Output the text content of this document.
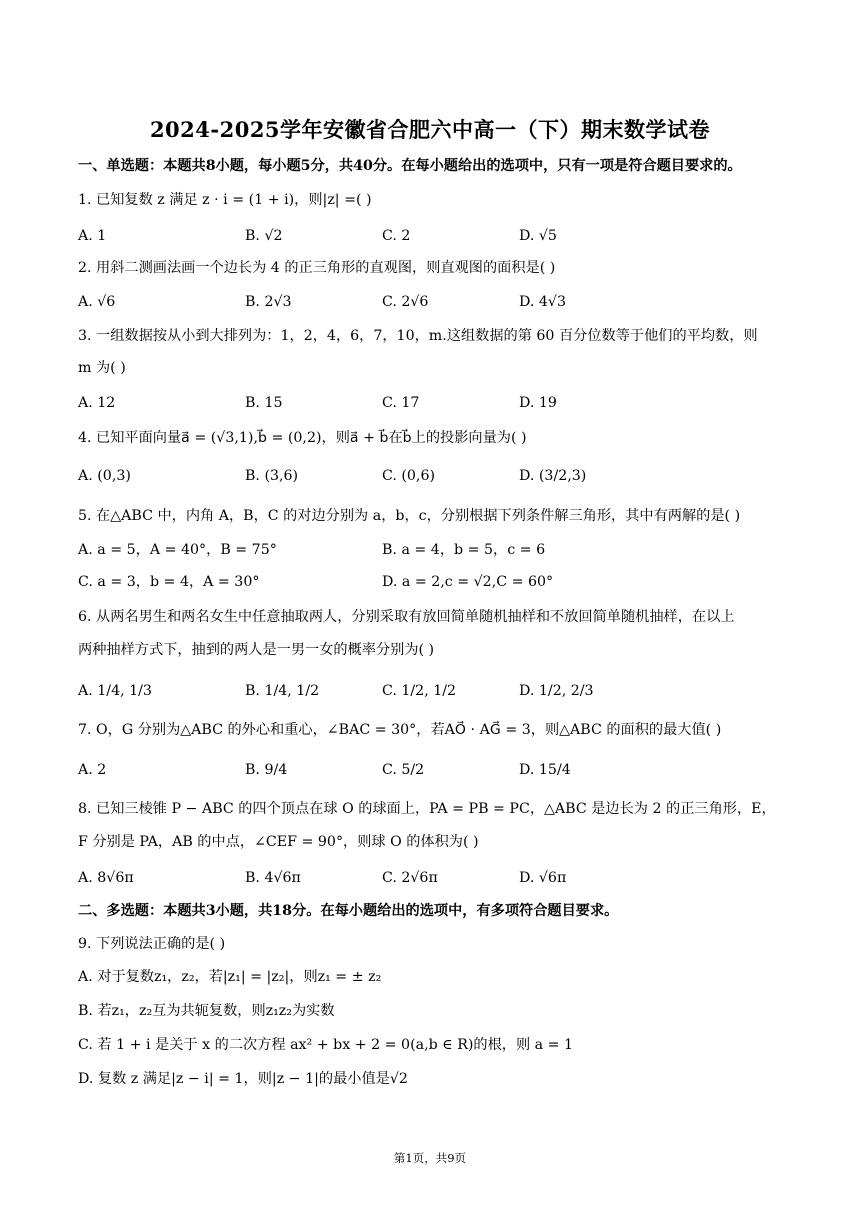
2024-2025学年安徽省合肥六中高一（下）期末数学试卷
一、单选题：本题共8小题，每小题5分，共40分。在每小题给出的选项中，只有一项是符合题目要求的。
1. 已知复数 z 满足 z · i = (1 + i)，则|z| =( )
A. 1	B. √2	C. 2	D. √5
2. 用斜二测画法画一个边长为 4 的正三角形的直观图，则直观图的面积是( )
A. √6	B. 2√3	C. 2√6	D. 4√3
3. 一组数据按从小到大排列为：1，2，4，6，7，10，m.这组数据的第 60 百分位数等于他们的平均数，则
m 为( )
A. 12	B. 15	C. 17	D. 19
4. 已知平面向量a⃗ = (√3,1),b⃗ = (0,2)，则a⃗ + b⃗在b⃗上的投影向量为( )
A. (0,3)	B. (3,6)	C. (0,6)	D. (3/2,3)
5. 在△ABC 中，内角 A，B，C 的对边分别为 a，b，c，分别根据下列条件解三角形，其中有两解的是( )
A. a = 5，A = 40°，B = 75°	B. a = 4，b = 5，c = 6
C. a = 3，b = 4，A = 30°	D. a = 2,c = √2,C = 60°
6. 从两名男生和两名女生中任意抽取两人，分别采取有放回简单随机抽样和不放回简单随机抽样，在以上
两种抽样方式下，抽到的两人是一男一女的概率分别为( )
A. 1/4, 1/3	B. 1/4, 1/2	C. 1/2, 1/2	D. 1/2, 2/3
7. O，G 分别为△ABC 的外心和重心，∠BAC = 30°，若AO⃗ · AG⃗ = 3，则△ABC 的面积的最大值( )
A. 2	B. 9/4	C. 5/2	D. 15/4
8. 已知三棱锥 P − ABC 的四个顶点在球 O 的球面上，PA = PB = PC，△ABC 是边长为 2 的正三角形，E，
F 分别是 PA，AB 的中点，∠CEF = 90°，则球 O 的体积为( )
A. 8√6π	B. 4√6π	C. 2√6π	D. √6π
二、多选题：本题共3小题，共18分。在每小题给出的选项中，有多项符合题目要求。
9. 下列说法正确的是( )
A. 对于复数z₁，z₂，若|z₁| = |z₂|，则z₁ = ± z₂
B. 若z₁，z₂互为共轭复数，则z₁z₂为实数
C. 若 1 + i 是关于 x 的二次方程 ax² + bx + 2 = 0(a,b ∈ R)的根，则 a = 1
D. 复数 z 满足|z − i| = 1，则|z − 1|的最小值是√2
第1页，共9页
